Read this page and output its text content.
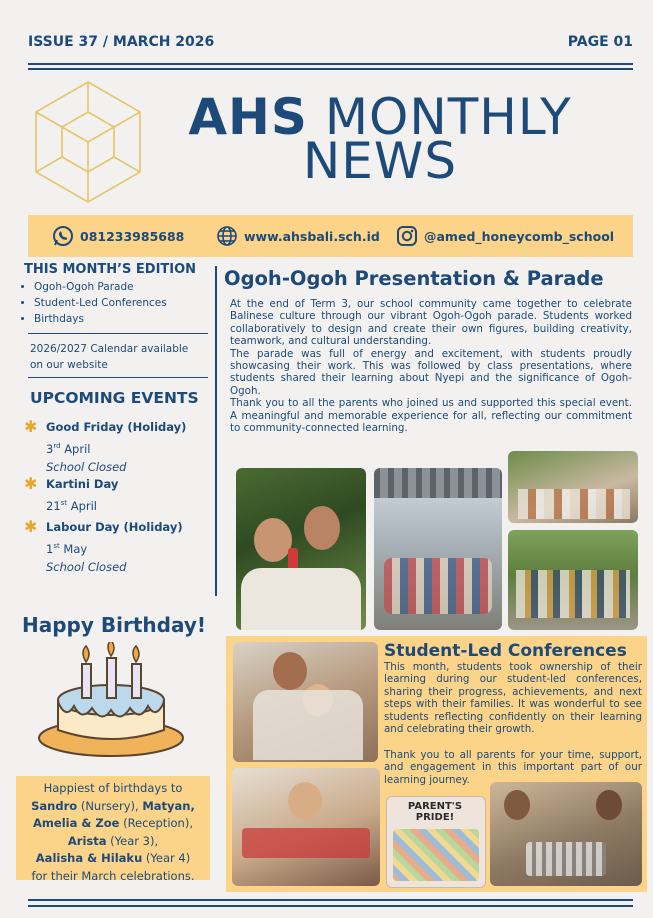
ISSUE 37 / MARCH 2026	PAGE 01
AHS MONTHLY
NEWS
081233985688	www.ahsbali.sch.id	@amed_honeycomb_school
THIS MONTH’S EDITION
• Ogoh-Ogoh Parade
• Student-Led Conferences
• Birthdays
2026/2027 Calendar available
on our website
UPCOMING EVENTS
✱ Good Friday (Holiday)
3rd April
School Closed
✱ Kartini Day
21st April
✱ Labour Day (Holiday)
1st May
School Closed
Happy Birthday!
Happiest of birthdays to
Sandro (Nursery), Matyan,
Amelia & Zoe (Reception),
Arista (Year 3),
Aalisha & Hilaku (Year 4)
for their March celebrations.
Ogoh-Ogoh Presentation & Parade
At the end of Term 3, our school community came together to celebrate Balinese culture through our vibrant Ogoh-Ogoh parade. Students worked collaboratively to design and create their own figures, building creativity, teamwork, and cultural understanding.
The parade was full of energy and excitement, with students proudly showcasing their work. This was followed by class presentations, where students shared their learning about Nyepi and the significance of Ogoh-Ogoh.
Thank you to all the parents who joined us and supported this special event. A meaningful and memorable experience for all, reflecting our commitment to community-connected learning.
Student-Led Conferences
This month, students took ownership of their learning during our student-led conferences, sharing their progress, achievements, and next steps with their families. It was wonderful to see students reflecting confidently on their learning and celebrating their growth.
Thank you to all parents for your time, support, and engagement in this important part of our learning journey.
PARENT'S
PRIDE!
